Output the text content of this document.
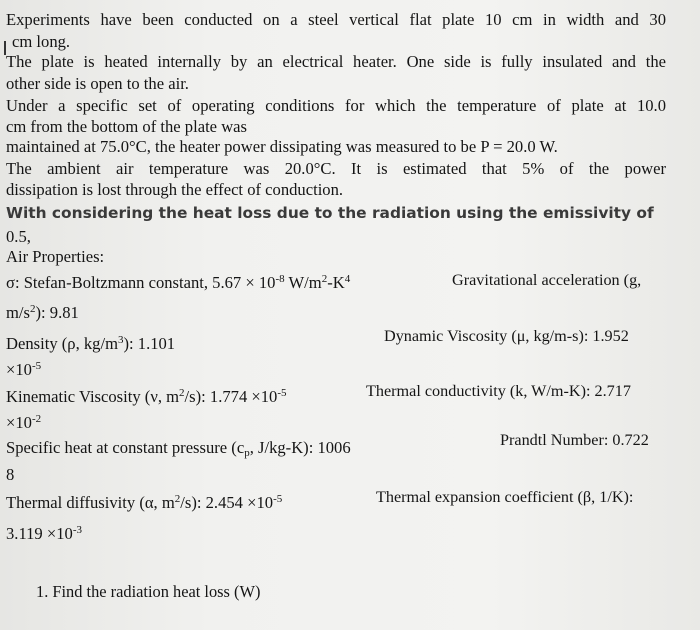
Experiments have been conducted on a steel vertical flat plate 10 cm in width and 30
cm long.
The plate is heated internally by an electrical heater. One side is fully insulated and the
other side is open to the air.
Under a specific set of operating conditions for which the temperature of plate at 10.0
cm from the bottom of the plate was
maintained at 75.0°C, the heater power dissipating was measured to be P = 20.0 W.
The ambient air temperature was 20.0°C. It is estimated that 5% of the power
dissipation is lost through the effect of conduction.
With considering the heat loss due to the radiation using the emissivity of
0.5,
Air Properties:
σ: Stefan-Boltzmann constant, $5.67 \times 10^{-8}$ $W/m^2-K^4$	Gravitational acceleration (g,
$m/s^2$): 9.81
Density (ρ, $kg/m^3$): 1.101	Dynamic Viscosity (μ, kg/m-s): 1.952
$\times 10^{-5}$
Kinematic Viscosity (ν, $m^2/s$): $1.774 \times 10^{-5}$	Thermal conductivity (k, W/m-K): 2.717
$\times 10^{-2}$
Specific heat at constant pressure ($c_p$, J/kg-K): 1006	Prandtl Number: 0.722
8
Thermal diffusivity (α, $m^2/s$): $2.454 \times 10^{-5}$	Thermal expansion coefficient (β, 1/K):
$3.119 \times 10^{-3}$
1. Find the radiation heat loss (W)
